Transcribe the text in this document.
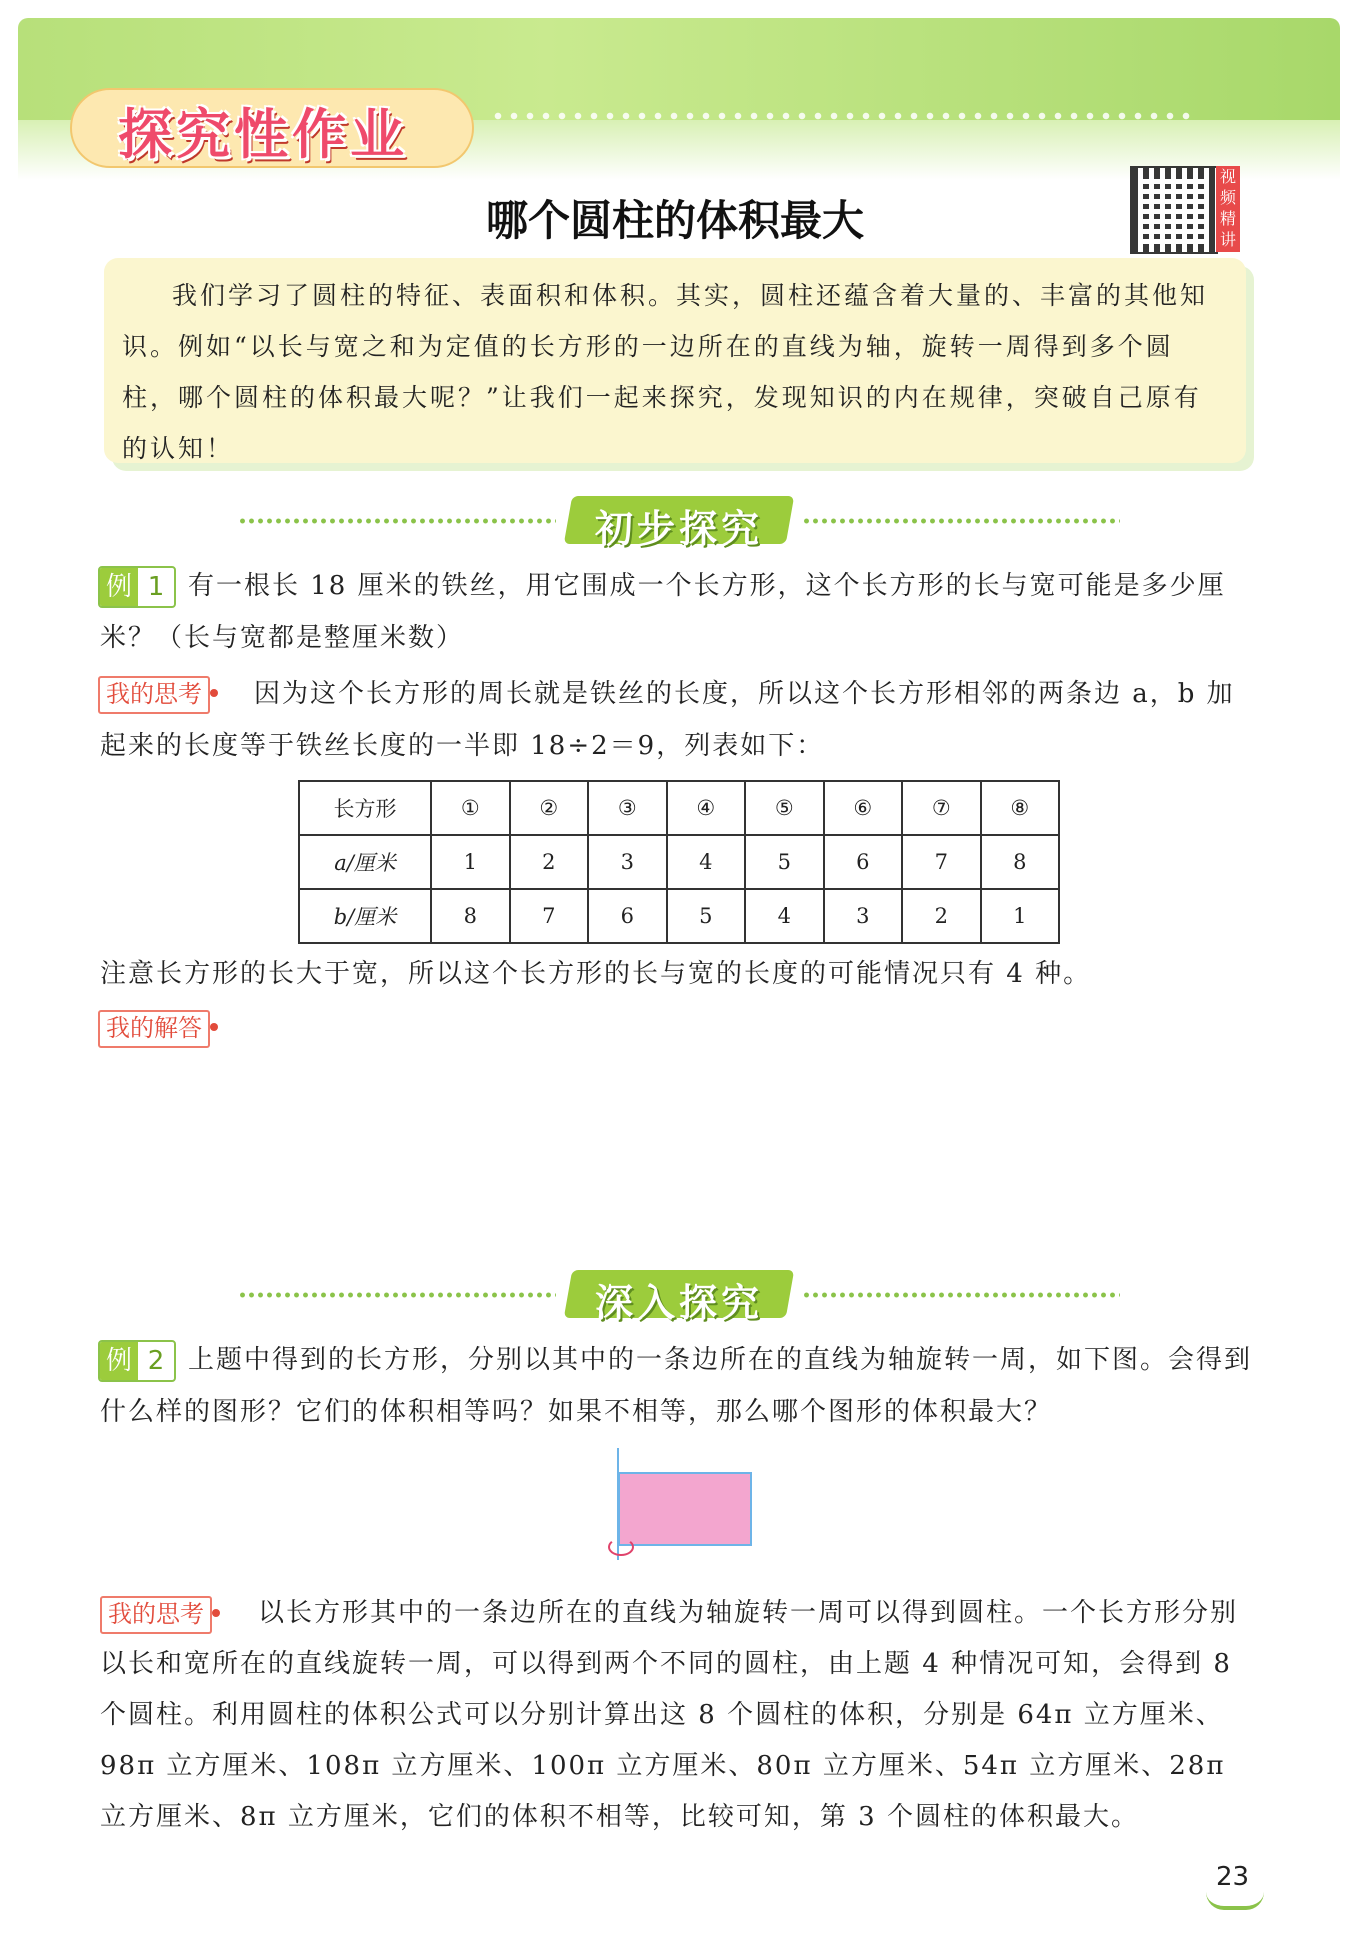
探究性作业
哪个圆柱的体积最大
视频精讲

我们学习了圆柱的特征、表面积和体积。其实，圆柱还蕴含着大量的、丰富的其他知识。例如“以长与宽之和为定值的长方形的一边所在的直线为轴，旋转一周得到多个圆柱，哪个圆柱的体积最大呢？”让我们一起来探究，发现知识的内在规律，突破自己原有的认知！

初步探究
例 1 有一根长 18 厘米的铁丝，用它围成一个长方形，这个长方形的长与宽可能是多少厘米？（长与宽都是整厘米数）
我的思考	因为这个长方形的周长就是铁丝的长度，所以这个长方形相邻的两条边 a，b 加起来的长度等于铁丝长度的一半即 18÷2＝9，列表如下：
长方形	①	②	③	④	⑤	⑥	⑦	⑧
a/厘米	1	2	3	4	5	6	7	8
b/厘米	8	7	6	5	4	3	2	1
注意长方形的长大于宽，所以这个长方形的长与宽的长度的可能情况只有 4 种。
我的解答
深入探究
例 2 上题中得到的长方形，分别以其中的一条边所在的直线为轴旋转一周，如下图。会得到什么样的图形？它们的体积相等吗？如果不相等，那么哪个图形的体积最大？
我的思考	以长方形其中的一条边所在的直线为轴旋转一周可以得到圆柱。一个长方形分别以长和宽所在的直线旋转一周，可以得到两个不同的圆柱，由上题 4 种情况可知，会得到 8 个圆柱。利用圆柱的体积公式可以分别计算出这 8 个圆柱的体积，分别是 64π 立方厘米、98π 立方厘米、108π 立方厘米、100π 立方厘米、80π 立方厘米、54π 立方厘米、28π 立方厘米、8π 立方厘米，它们的体积不相等，比较可知，第 3 个圆柱的体积最大。
23
